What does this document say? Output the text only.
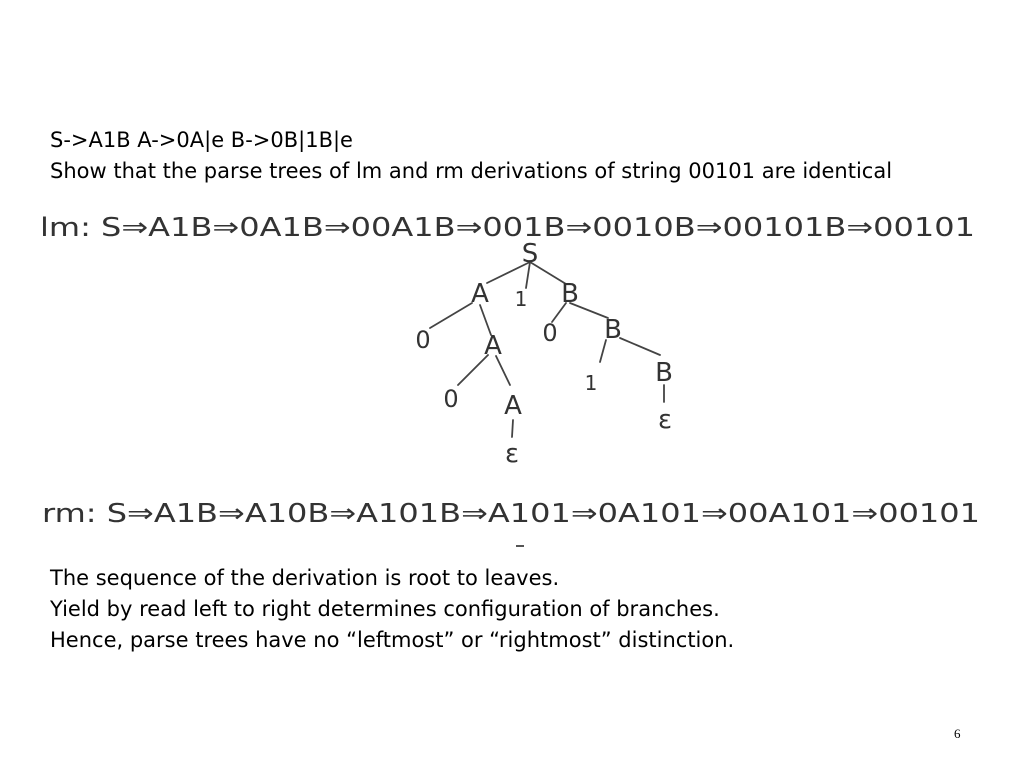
S->A1B A->0A|e B->0B|1B|e
Show that the parse trees of lm and rm derivations of string 00101 are identical
lm: S⇒A1B⇒0A1B⇒00A1B⇒001B⇒0010B⇒00101B⇒00101
S
A 1 B
0 A 0 B
0 A
1 B
ε
ε
rm: S⇒A1B⇒A10B⇒A101B⇒A101⇒0A101⇒00A101⇒00101
The sequence of the derivation is root to leaves.
Yield by read left to right determines configuration of branches.
Hence, parse trees have no “leftmost” or “rightmost” distinction.
6
